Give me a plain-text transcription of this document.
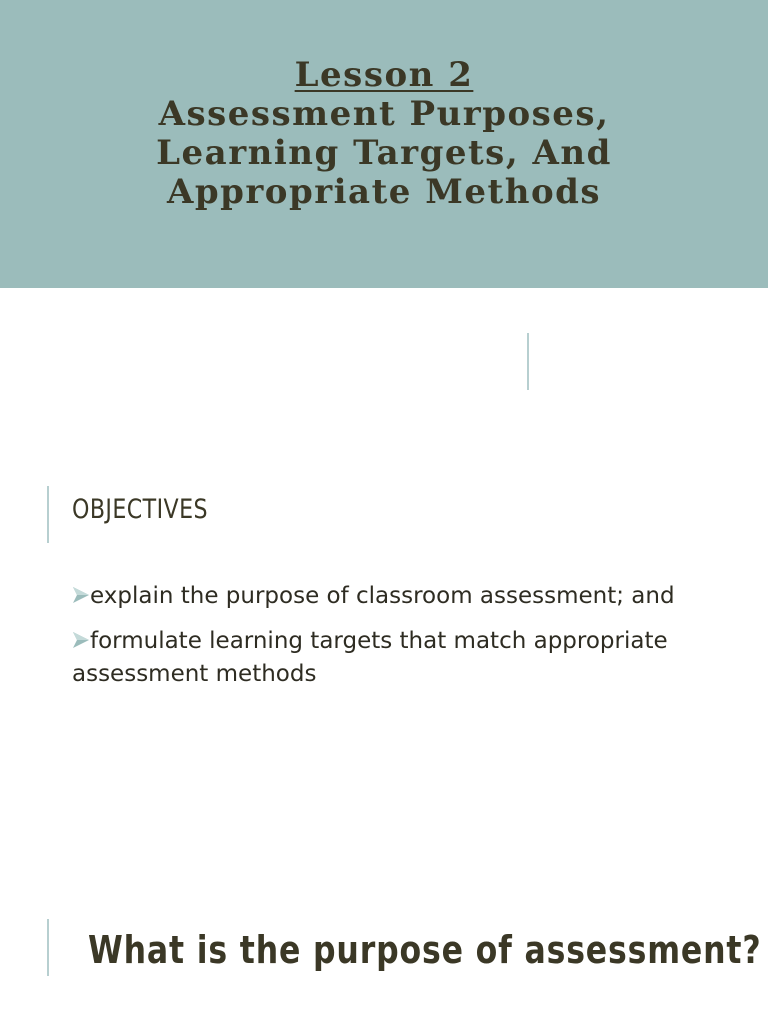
Lesson 2
Assessment Purposes,
Learning Targets, And
Appropriate Methods
OBJECTIVES
explain the purpose of classroom assessment; and
formulate learning targets that match appropriate assessment methods
What is the purpose of assessment?
